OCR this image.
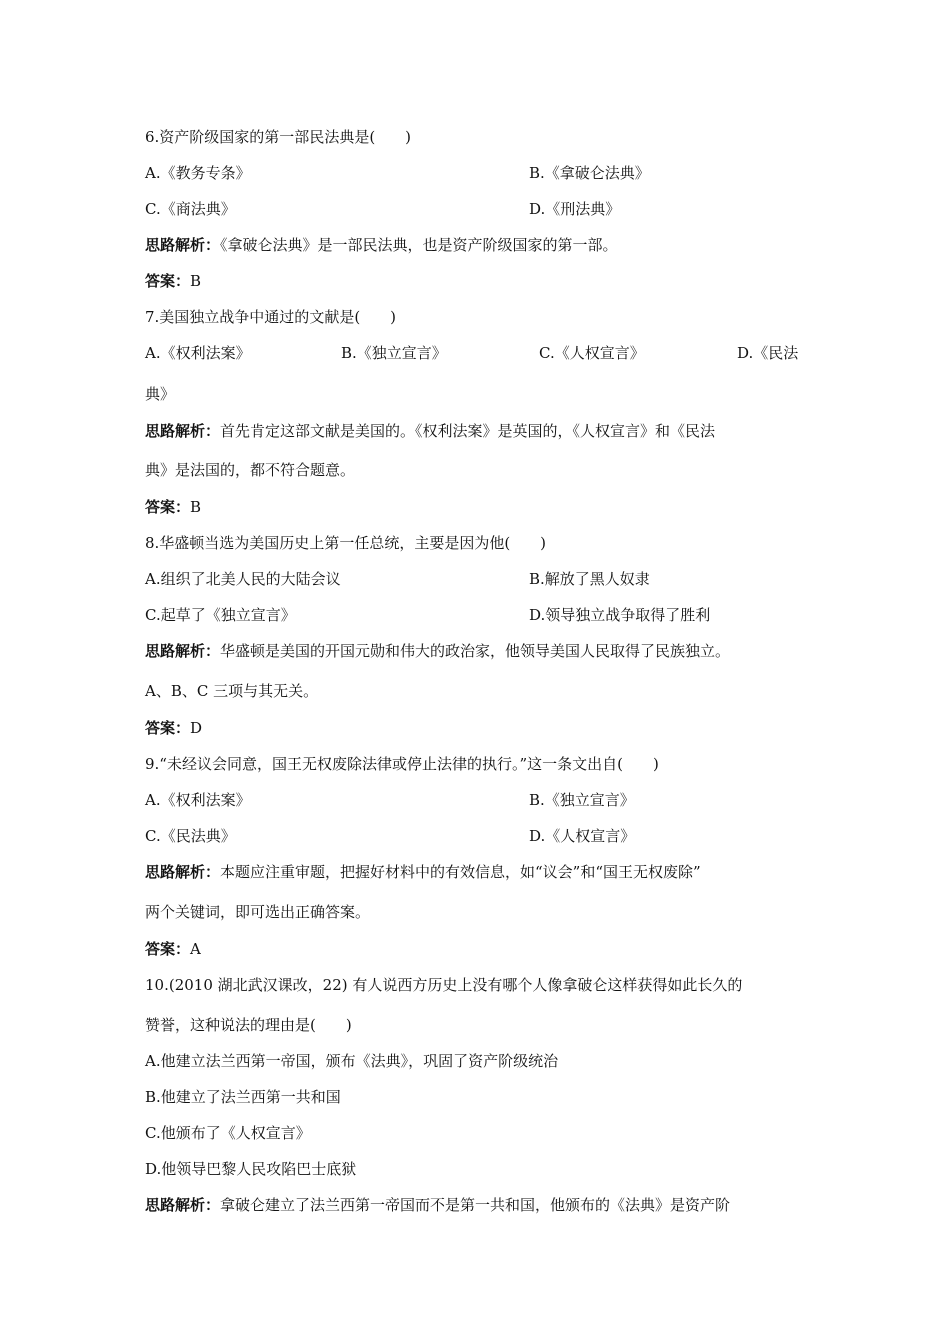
6.资产阶级国家的第一部民法典是(　　)
A.《教务专条》	B.《拿破仑法典》
C.《商法典》	D.《刑法典》
思路解析：《拿破仑法典》是一部民法典，也是资产阶级国家的第一部。
答案：B
7.美国独立战争中通过的文献是(　　)
A.《权利法案》	B.《独立宣言》	C.《人权宣言》	D.《民法
典》
思路解析：首先肯定这部文献是美国的。《权利法案》是英国的，《人权宣言》和《民法
典》是法国的，都不符合题意。
答案：B
8.华盛顿当选为美国历史上第一任总统，主要是因为他(　　)
A.组织了北美人民的大陆会议	B.解放了黑人奴隶
C.起草了《独立宣言》	D.领导独立战争取得了胜利
思路解析：华盛顿是美国的开国元勋和伟大的政治家，他领导美国人民取得了民族独立。
A、B、C 三项与其无关。
答案：D
9.“未经议会同意，国王无权废除法律或停止法律的执行。”这一条文出自(　　)
A.《权利法案》	B.《独立宣言》
C.《民法典》	D.《人权宣言》
思路解析：本题应注重审题，把握好材料中的有效信息，如“议会”和“国王无权废除”
两个关键词，即可选出正确答案。
答案：A
10.(2010 湖北武汉课改，22) 有人说西方历史上没有哪个人像拿破仑这样获得如此长久的
赞誉，这种说法的理由是(　　)
A.他建立法兰西第一帝国，颁布《法典》，巩固了资产阶级统治
B.他建立了法兰西第一共和国
C.他颁布了《人权宣言》
D.他领导巴黎人民攻陷巴士底狱
思路解析：拿破仑建立了法兰西第一帝国而不是第一共和国，他颁布的《法典》是资产阶
